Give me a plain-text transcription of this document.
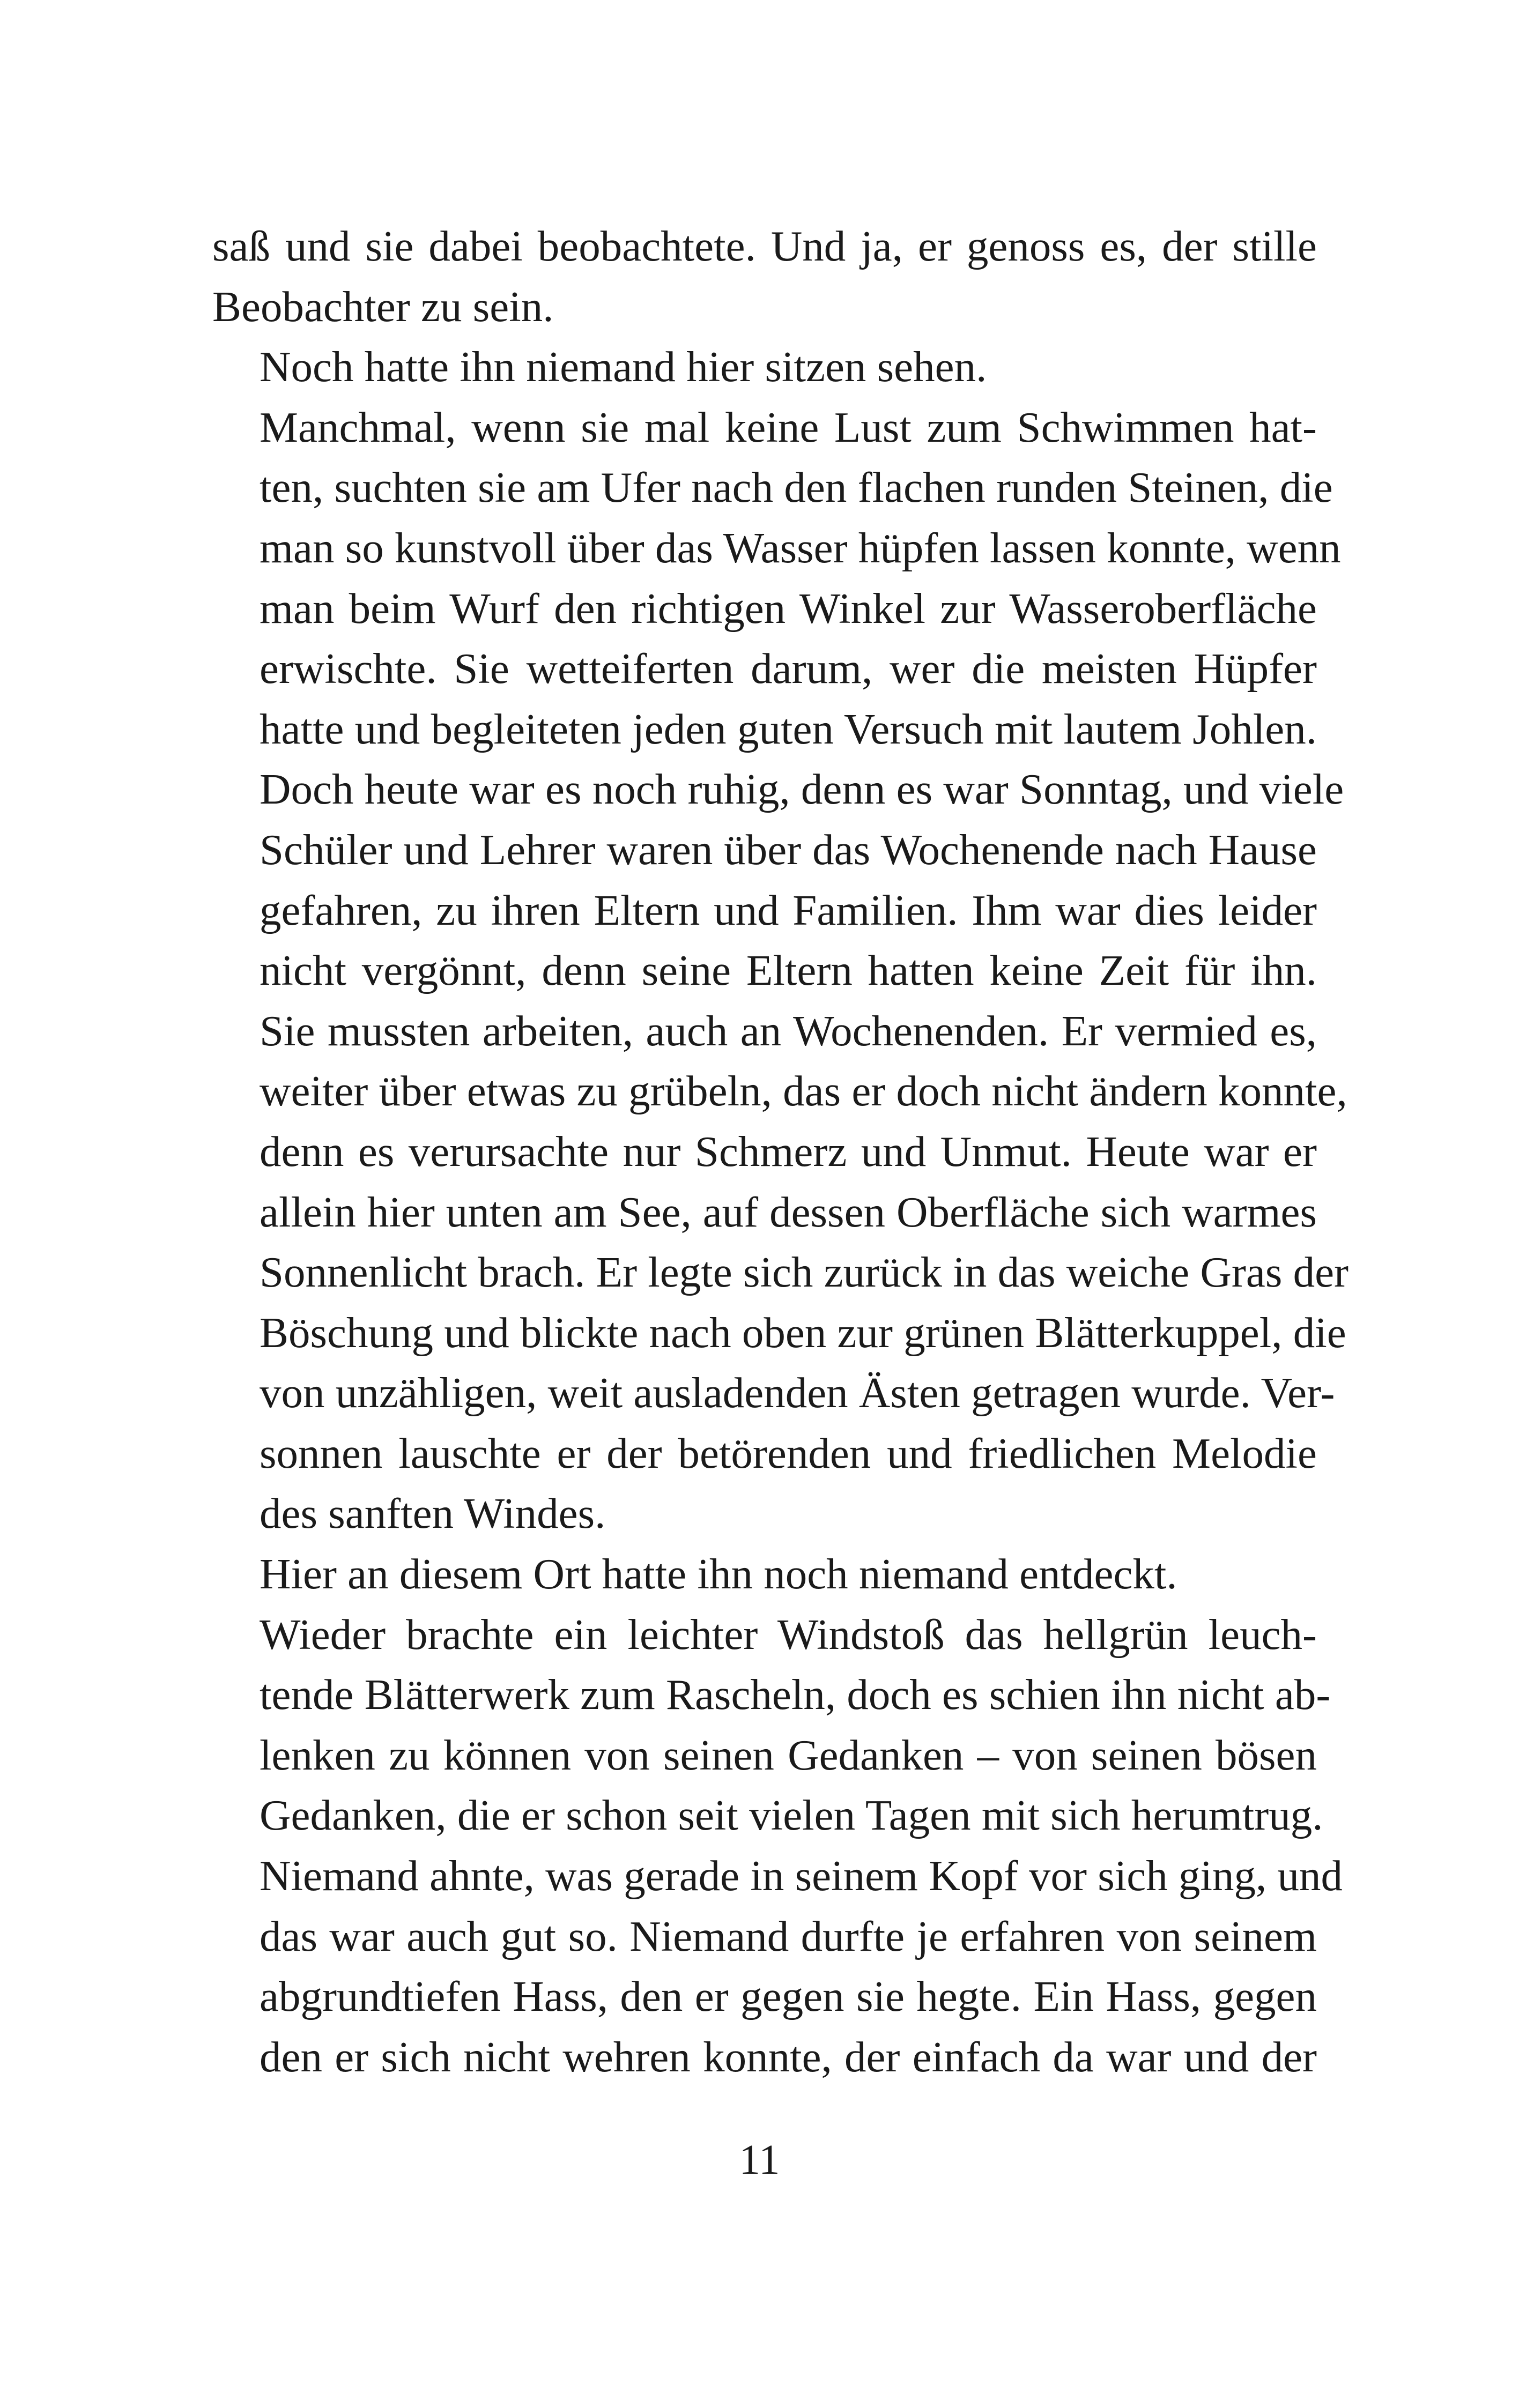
saß und sie dabei beobachtete. Und ja, er genoss es, der stille
Beobachter zu sein.
Noch hatte ihn niemand hier sitzen sehen.
Manchmal, wenn sie mal keine Lust zum Schwimmen hat-
ten, suchten sie am Ufer nach den flachen runden Steinen, die
man so kunstvoll über das Wasser hüpfen lassen konnte, wenn
man beim Wurf den richtigen Winkel zur Wasseroberfläche
erwischte. Sie wetteiferten darum, wer die meisten Hüpfer
hatte und begleiteten jeden guten Versuch mit lautem Johlen.
Doch heute war es noch ruhig, denn es war Sonntag, und viele
Schüler und Lehrer waren über das Wochenende nach Hause
gefahren, zu ihren Eltern und Familien. Ihm war dies leider
nicht vergönnt, denn seine Eltern hatten keine Zeit für ihn.
Sie mussten arbeiten, auch an Wochenenden. Er vermied es,
weiter über etwas zu grübeln, das er doch nicht ändern konnte,
denn es verursachte nur Schmerz und Unmut. Heute war er
allein hier unten am See, auf dessen Oberfläche sich warmes
Sonnenlicht brach. Er legte sich zurück in das weiche Gras der
Böschung und blickte nach oben zur grünen Blätterkuppel, die
von unzähligen, weit ausladenden Ästen getragen wurde. Ver-
sonnen lauschte er der betörenden und friedlichen Melodie
des sanften Windes.
Hier an diesem Ort hatte ihn noch niemand entdeckt.
Wieder brachte ein leichter Windstoß das hellgrün leuch-
tende Blätterwerk zum Rascheln, doch es schien ihn nicht ab-
lenken zu können von seinen Gedanken – von seinen bösen
Gedanken, die er schon seit vielen Tagen mit sich herumtrug.
Niemand ahnte, was gerade in seinem Kopf vor sich ging, und
das war auch gut so. Niemand durfte je erfahren von seinem
abgrundtiefen Hass, den er gegen sie hegte. Ein Hass, gegen
den er sich nicht wehren konnte, der einfach da war und der
11
